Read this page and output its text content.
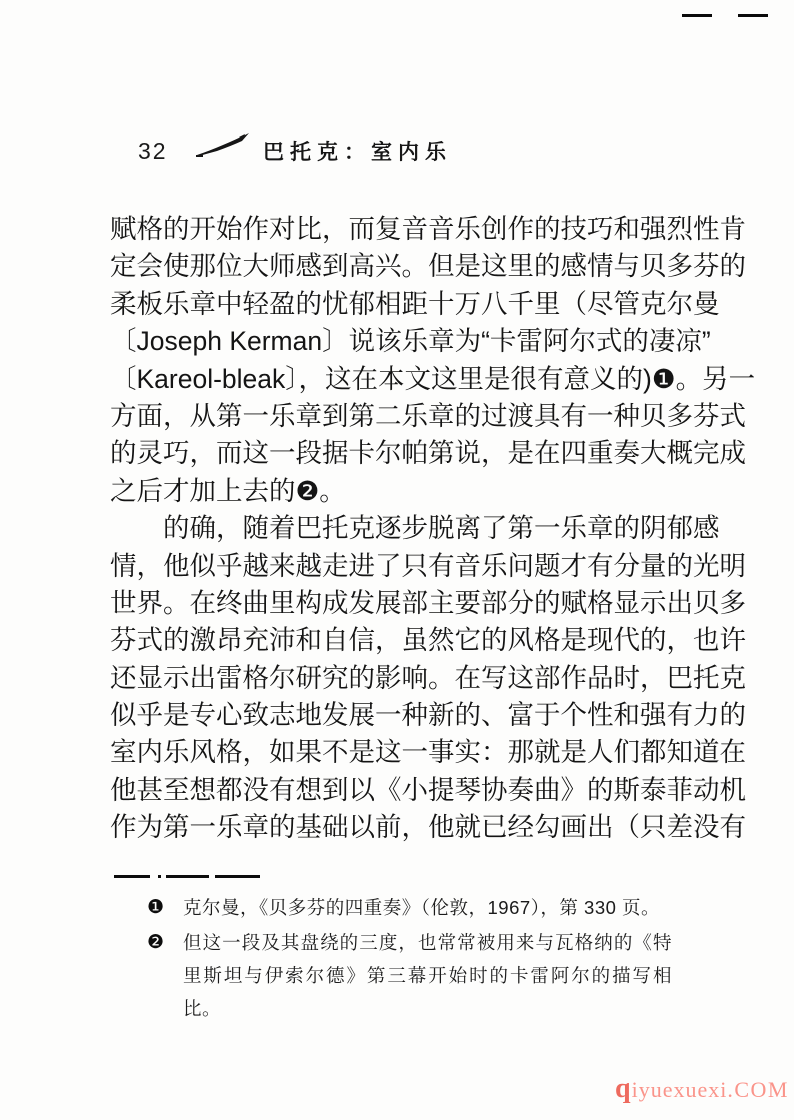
32	巴托克：室内乐
赋格的开始作对比，而复音音乐创作的技巧和强烈性肯
定会使那位大师感到高兴。但是这里的感情与贝多芬的
柔板乐章中轻盈的忧郁相距十万八千里（尽管克尔曼
〔Joseph Kerman〕说该乐章为“卡雷阿尔式的凄凉”
〔Kareol-bleak〕，这在本文这里是很有意义的)❶。另一
方面，从第一乐章到第二乐章的过渡具有一种贝多芬式
的灵巧，而这一段据卡尔帕第说，是在四重奏大概完成
之后才加上去的❷。
的确，随着巴托克逐步脱离了第一乐章的阴郁感
情，他似乎越来越走进了只有音乐问题才有分量的光明
世界。在终曲里构成发展部主要部分的赋格显示出贝多
芬式的激昂充沛和自信，虽然它的风格是现代的，也许
还显示出雷格尔研究的影响。在写这部作品时，巴托克
似乎是专心致志地发展一种新的、富于个性和强有力的
室内乐风格，如果不是这一事实：那就是人们都知道在
他甚至想都没有想到以《小提琴协奏曲》的斯泰菲动机
作为第一乐章的基础以前，他就已经勾画出（只差没有
❶	克尔曼，《贝多芬的四重奏》（伦敦，1967），第 330 页。
❷	但这一段及其盘绕的三度，也常常被用来与瓦格纳的《特里斯坦与伊索尔德》第三幕开始时的卡雷阿尔的描写相比。
qiyuexuexi.COM
